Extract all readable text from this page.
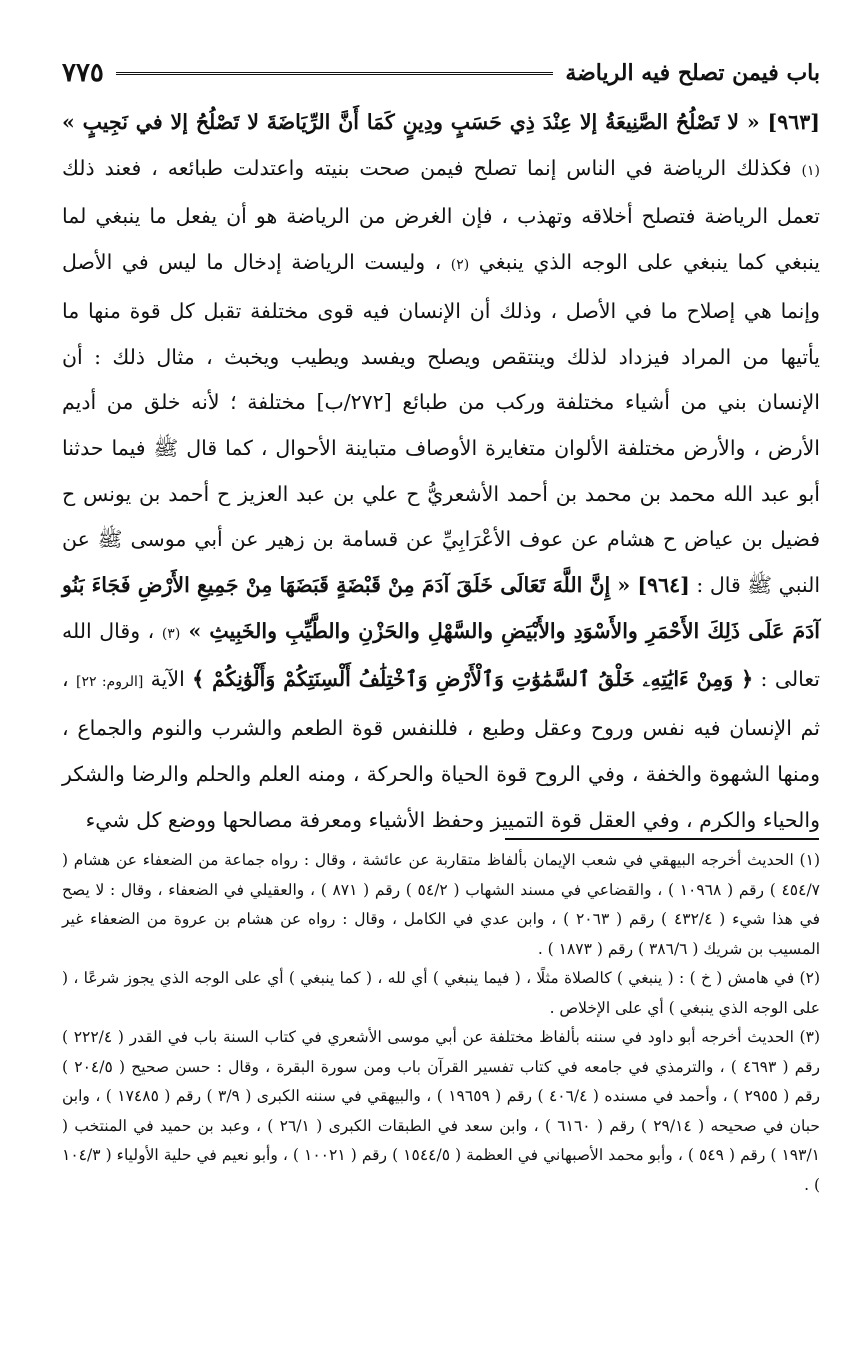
باب فيمن تصلح فيه الرياضة
٧٧٥
[٩٦٣] « لا تَصْلُحُ الصَّنِيعَةُ إلا عِنْدَ ذِي حَسَبٍ ودِينٍ كَمَا أَنَّ الرِّيَاضَةَ لا تَصْلُحُ إلا في نَجِيبٍ » (١) فكذلك الرياضة في الناس إنما تصلح فيمن صحت بنيته واعتدلت طبائعه ، فعند ذلك تعمل الرياضة فتصلح أخلاقه وتهذب ، فإن الغرض من الرياضة هو أن يفعل ما ينبغي لما ينبغي كما ينبغي على الوجه الذي ينبغي (٢) ، وليست الرياضة إدخال ما ليس في الأصل وإنما هي إصلاح ما في الأصل ، وذلك أن الإنسان فيه قوى مختلفة تقبل كل قوة منها ما يأتيها من المراد فيزداد لذلك وينتقص ويصلح ويفسد ويطيب ويخبث ، مثال ذلك : أن الإنسان بني من أشياء مختلفة وركب من طبائع [٢٧٢/ب] مختلفة ؛ لأنه خلق من أديم الأرض ، والأرض مختلفة الألوان متغايرة الأوصاف متباينة الأحوال ، كما قال ﷺ فيما حدثنا أبو عبد الله محمد بن محمد بن أحمد الأشعريُّ ح علي بن عبد العزيز ح أحمد بن يونس ح فضيل بن عياض ح هشام عن عوف الأعْرَابِيِّ عن قسامة بن زهير عن أبي موسى ﷺ عن النبي ﷺ قال : [٩٦٤] « إِنَّ اللَّهَ تَعَالَى خَلَقَ آدَمَ مِنْ قَبْضَةٍ قَبَضَهَا مِنْ جَمِيعِ الأَرْضِ فَجَاءَ بَنُو آدَمَ عَلَى ذَلِكَ الأَحْمَرِ والأَسْوَدِ والأَبْيَضِ والسَّهْلِ والحَزْنِ والطَّيِّبِ والخَبِيثِ » (٣) ، وقال الله تعالى : ﴿ وَمِنْ ءَايَٰتِهِۦ خَلْقُ ٱلسَّمَٰوَٰتِ وَٱلْأَرْضِ وَٱخْتِلَٰفُ أَلْسِنَتِكُمْ وَأَلْوَٰنِكُمْ ﴾ الآية [الروم: ٢٢] ، ثم الإنسان فيه نفس وروح وعقل وطبع ، فللنفس قوة الطعم والشرب والنوم والجماع ، ومنها الشهوة والخفة ، وفي الروح قوة الحياة والحركة ، ومنه العلم والحلم والرضا والشكر والحياء والكرم ، وفي العقل قوة التمييز وحفظ الأشياء ومعرفة مصالحها ووضع كل شيء

(١) الحديث أخرجه البيهقي في شعب الإيمان بألفاظ متقاربة عن عائشة ، وقال : رواه جماعة من الضعفاء عن هشام ( ٤٥٤/٧ ) رقم ( ١٠٩٦٨ ) ، والقضاعي في مسند الشهاب ( ٥٤/٢ ) رقم ( ٨٧١ ) ، والعقيلي في الضعفاء ، وقال : لا يصح في هذا شيء ( ٤٣٢/٤ ) رقم ( ٢٠٦٣ ) ، وابن عدي في الكامل ، وقال : رواه عن هشام بن عروة من الضعفاء غير المسيب بن شريك ( ٣٨٦/٦ ) رقم ( ١٨٧٣ ) .

(٢) في هامش ( خ ) : ( ينبغي ) كالصلاة مثلًا ، ( فيما ينبغي ) أي لله ، ( كما ينبغي ) أي على الوجه الذي يجوز شرعًا ، ( على الوجه الذي ينبغي ) أي على الإخلاص .

(٣) الحديث أخرجه أبو داود في سننه بألفاظ مختلفة عن أبي موسى الأشعري في كتاب السنة باب في القدر ( ٢٢٢/٤ ) رقم ( ٤٦٩٣ ) ، والترمذي في جامعه في كتاب تفسير القرآن باب ومن سورة البقرة ، وقال : حسن صحيح ( ٢٠٤/٥ ) رقم ( ٢٩٥٥ ) ، وأحمد في مسنده ( ٤٠٦/٤ ) رقم ( ١٩٦٥٩ ) ، والبيهقي في سننه الكبرى ( ٣/٩ ) رقم ( ١٧٤٨٥ ) ، وابن حبان في صحيحه ( ٢٩/١٤ ) رقم ( ٦١٦٠ ) ، وابن سعد في الطبقات الكبرى ( ٢٦/١ ) ، وعبد بن حميد في المنتخب ( ١٩٣/١ ) رقم ( ٥٤٩ ) ، وأبو محمد الأصبهاني في العظمة ( ١٥٤٤/٥ ) رقم ( ١٠٠٢١ ) ، وأبو نعيم في حلية الأولياء ( ١٠٤/٣ ) .
